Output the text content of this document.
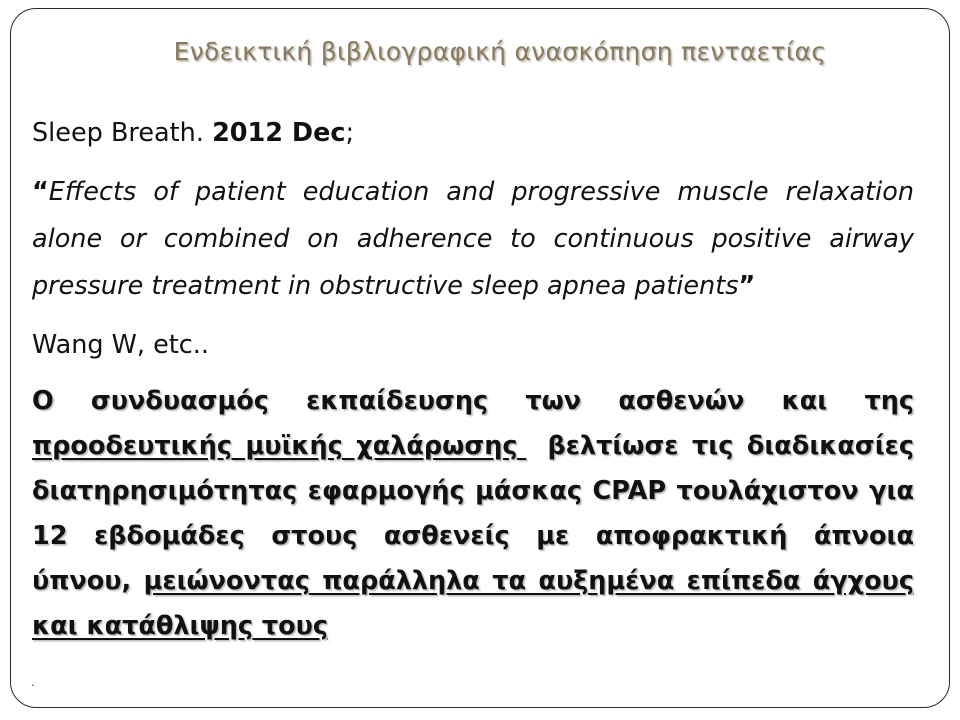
Ενδεικτική βιβλιογραφική ανασκόπηση πενταετίας

Sleep Breath. 2012 Dec;

“Effects of patient education and progressive muscle relaxation alone or combined on adherence to continuous positive airway pressure treatment in obstructive sleep apnea patients”

Wang W, etc..

Ο συνδυασμός εκπαίδευσης των ασθενών και της προοδευτικής μυϊκής χαλάρωσης βελτίωσε τις διαδικασίες διατηρησιμότητας εφαρμογής μάσκας CPAP τουλάχιστον για 12 εβδομάδες στους ασθενείς με αποφρακτική άπνοια ύπνου, μειώνοντας παράλληλα τα αυξημένα επίπεδα άγχους και κατάθλιψης τους

.
